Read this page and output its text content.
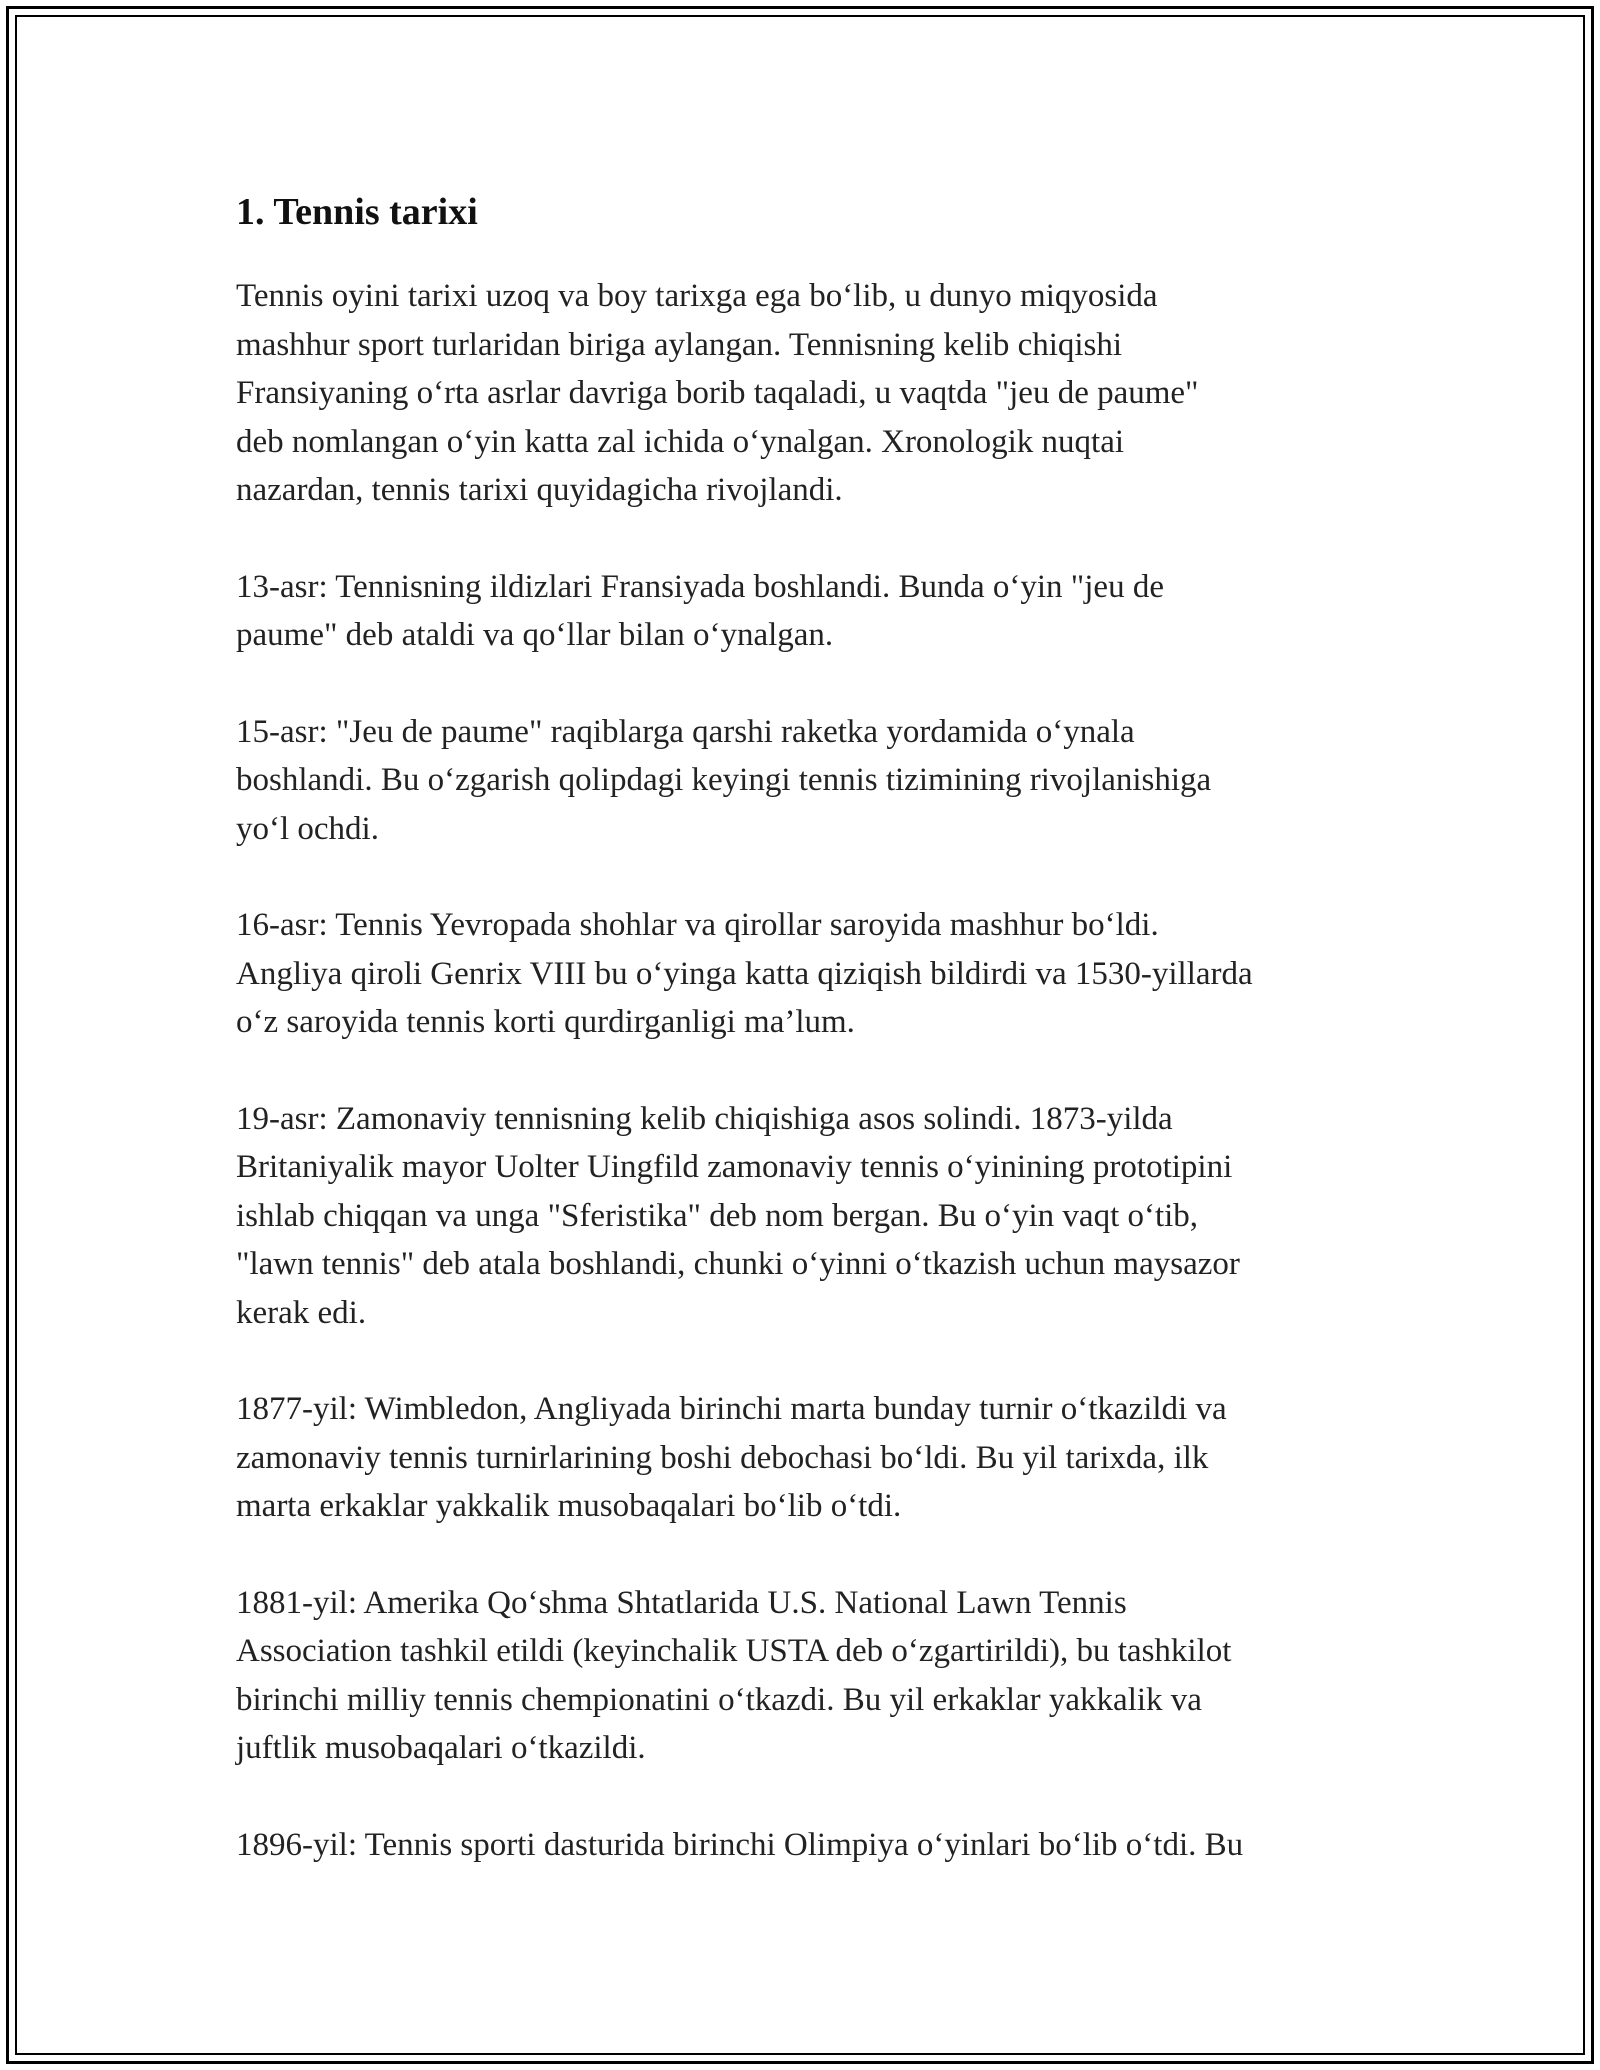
1. Tennis tarixi

Tennis oyini tarixi uzoq va boy tarixga ega bo‘lib, u dunyo miqyosida
mashhur sport turlaridan biriga aylangan. Tennisning kelib chiqishi
Fransiyaning o‘rta asrlar davriga borib taqaladi, u vaqtda "jeu de paume"
deb nomlangan o‘yin katta zal ichida o‘ynalgan. Xronologik nuqtai
nazardan, tennis tarixi quyidagicha rivojlandi.

13-asr: Tennisning ildizlari Fransiyada boshlandi. Bunda o‘yin "jeu de
paume" deb ataldi va qo‘llar bilan o‘ynalgan.

15-asr: "Jeu de paume" raqiblarga qarshi raketka yordamida o‘ynala
boshlandi. Bu o‘zgarish qolipdagi keyingi tennis tizimining rivojlanishiga
yo‘l ochdi.

16-asr: Tennis Yevropada shohlar va qirollar saroyida mashhur bo‘ldi.
Angliya qiroli Genrix VIII bu o‘yinga katta qiziqish bildirdi va 1530-yillarda
o‘z saroyida tennis korti qurdirganligi ma’lum.

19-asr: Zamonaviy tennisning kelib chiqishiga asos solindi. 1873-yilda
Britaniyalik mayor Uolter Uingfild zamonaviy tennis o‘yinining prototipini
ishlab chiqqan va unga "Sferistika" deb nom bergan. Bu o‘yin vaqt o‘tib,
"lawn tennis" deb atala boshlandi, chunki o‘yinni o‘tkazish uchun maysazor
kerak edi.

1877-yil: Wimbledon, Angliyada birinchi marta bunday turnir o‘tkazildi va
zamonaviy tennis turnirlarining boshi debochasi bo‘ldi. Bu yil tarixda, ilk
marta erkaklar yakkalik musobaqalari bo‘lib o‘tdi.

1881-yil: Amerika Qo‘shma Shtatlarida U.S. National Lawn Tennis
Association tashkil etildi (keyinchalik USTA deb o‘zgartirildi), bu tashkilot
birinchi milliy tennis chempionatini o‘tkazdi. Bu yil erkaklar yakkalik va
juftlik musobaqalari o‘tkazildi.

1896-yil: Tennis sporti dasturida birinchi Olimpiya o‘yinlari bo‘lib o‘tdi. Bu
